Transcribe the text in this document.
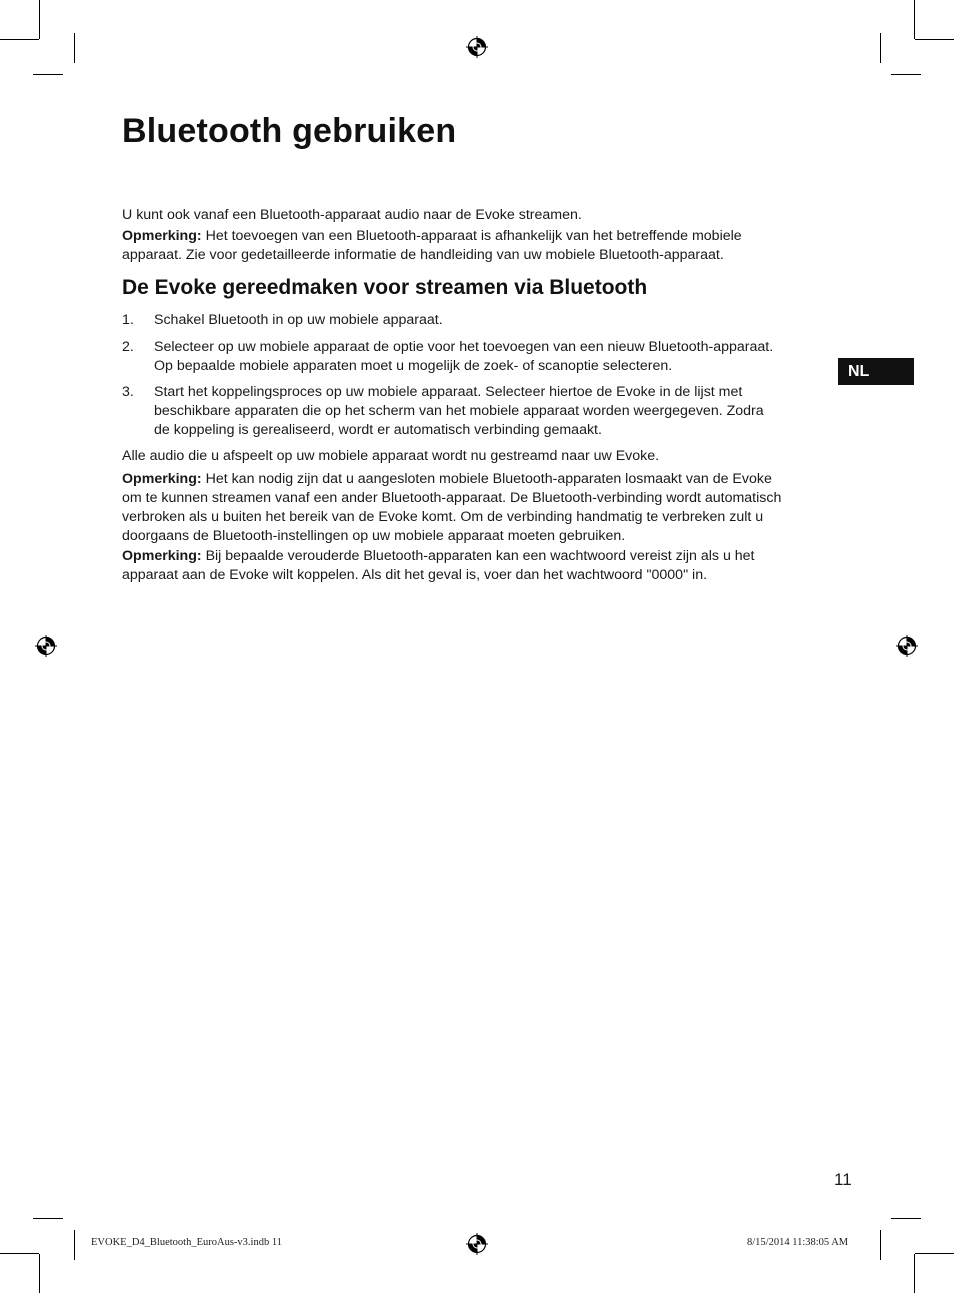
Bluetooth gebruiken

U kunt ook vanaf een Bluetooth-apparaat audio naar de Evoke streamen.

Opmerking: Het toevoegen van een Bluetooth-apparaat is afhankelijk van het betreffende mobiele
apparaat. Zie voor gedetailleerde informatie de handleiding van uw mobiele Bluetooth-apparaat.

De Evoke gereedmaken voor streamen via Bluetooth
1. Schakel Bluetooth in op uw mobiele apparaat.
2. Selecteer op uw mobiele apparaat de optie voor het toevoegen van een nieuw Bluetooth-apparaat.
Op bepaalde mobiele apparaten moet u mogelijk de zoek- of scanoptie selecteren.
3. Start het koppelingsproces op uw mobiele apparaat. Selecteer hiertoe de Evoke in de lijst met
beschikbare apparaten die op het scherm van het mobiele apparaat worden weergegeven. Zodra
de koppeling is gerealiseerd, wordt er automatisch verbinding gemaakt.

Alle audio die u afspeelt op uw mobiele apparaat wordt nu gestreamd naar uw Evoke.

Opmerking: Het kan nodig zijn dat u aangesloten mobiele Bluetooth-apparaten losmaakt van de Evoke
om te kunnen streamen vanaf een ander Bluetooth-apparaat. De Bluetooth-verbinding wordt automatisch
verbroken als u buiten het bereik van de Evoke komt. Om de verbinding handmatig te verbreken zult u
doorgaans de Bluetooth-instellingen op uw mobiele apparaat moeten gebruiken.

Opmerking: Bij bepaalde verouderde Bluetooth-apparaten kan een wachtwoord vereist zijn als u het
apparaat aan de Evoke wilt koppelen. Als dit het geval is, voer dan het wachtwoord "0000" in.

NL
11
EVOKE_D4_Bluetooth_EuroAus-v3.indb 11	8/15/2014 11:38:05 AM
